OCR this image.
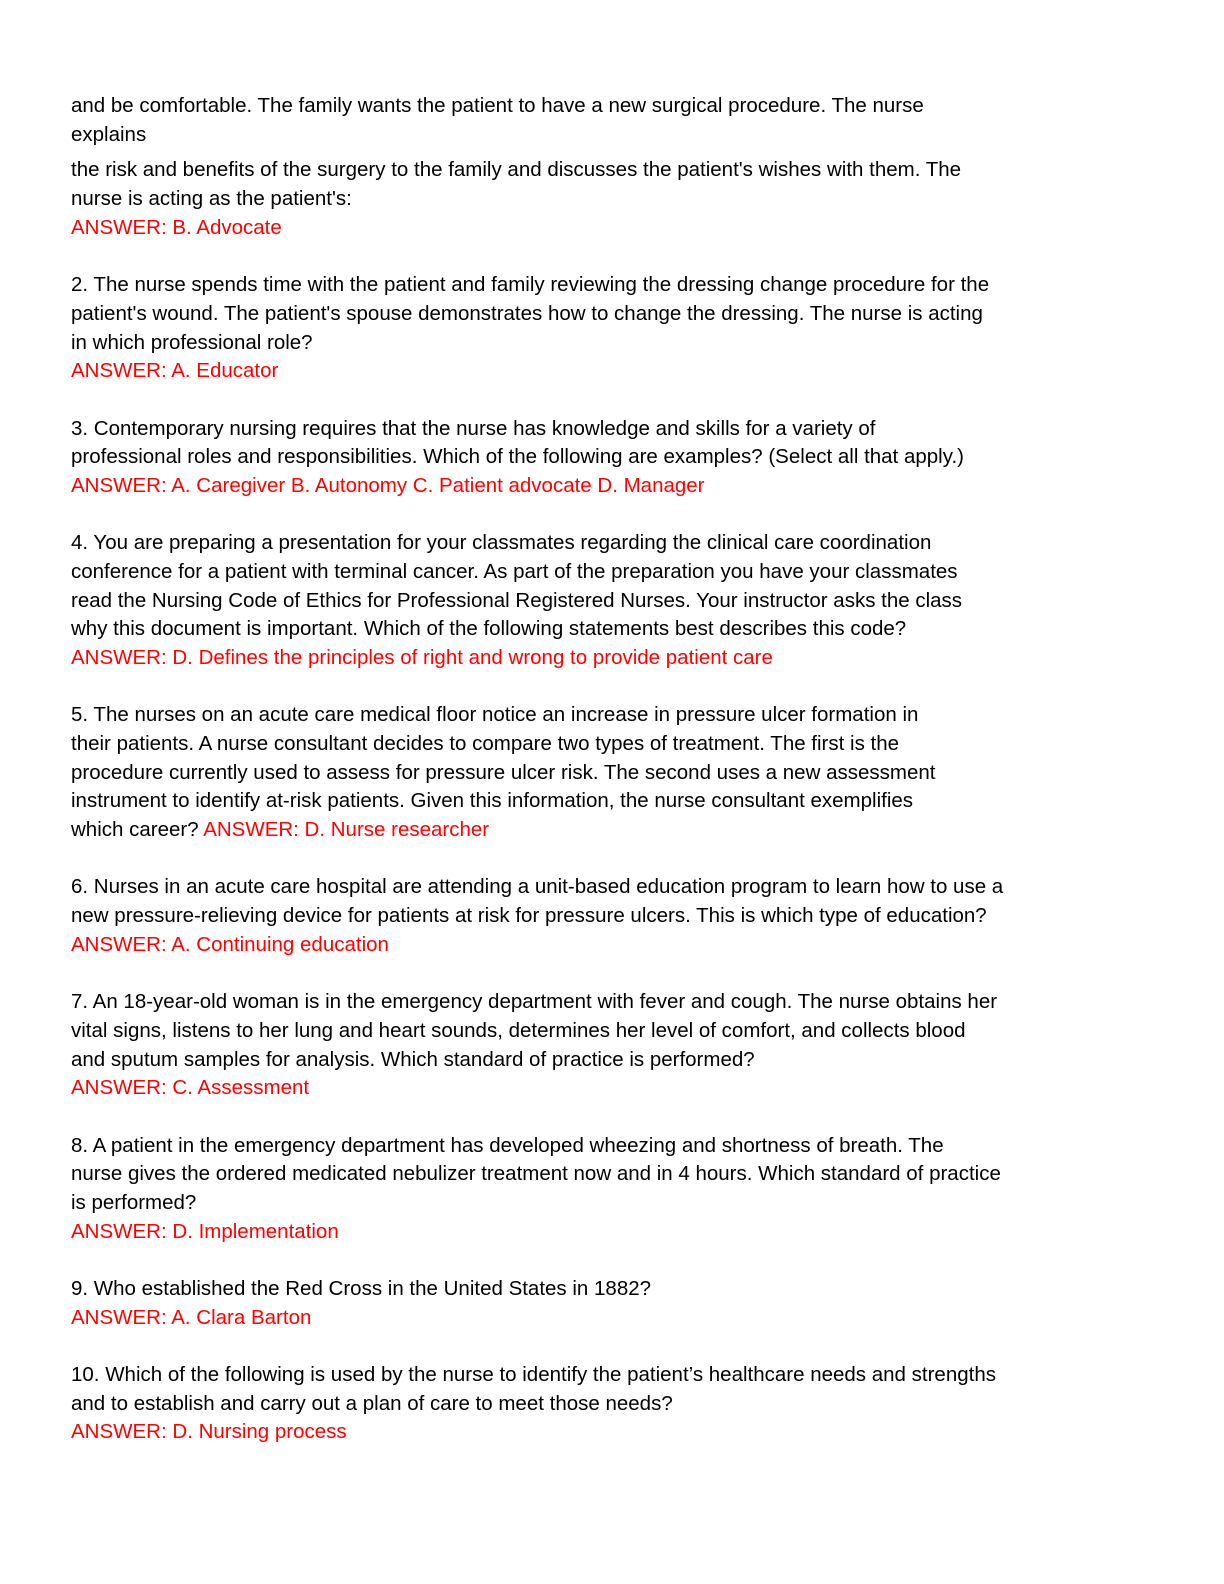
and be comfortable. The family wants the patient to have a new surgical procedure. The nurse
explains
the risk and benefits of the surgery to the family and discusses the patient's wishes with them. The
nurse is acting as the patient's:
ANSWER: B. Advocate
2. The nurse spends time with the patient and family reviewing the dressing change procedure for the
patient's wound. The patient's spouse demonstrates how to change the dressing. The nurse is acting
in which professional role?
ANSWER: A. Educator
3. Contemporary nursing requires that the nurse has knowledge and skills for a variety of
professional roles and responsibilities. Which of the following are examples? (Select all that apply.)
ANSWER: A. Caregiver B. Autonomy C. Patient advocate D. Manager
4. You are preparing a presentation for your classmates regarding the clinical care coordination
conference for a patient with terminal cancer. As part of the preparation you have your classmates
read the Nursing Code of Ethics for Professional Registered Nurses. Your instructor asks the class
why this document is important. Which of the following statements best describes this code?
ANSWER: D. Defines the principles of right and wrong to provide patient care
5. The nurses on an acute care medical floor notice an increase in pressure ulcer formation in
their patients. A nurse consultant decides to compare two types of treatment. The first is the
procedure currently used to assess for pressure ulcer risk. The second uses a new assessment
instrument to identify at-risk patients. Given this information, the nurse consultant exemplifies
which career? ANSWER: D. Nurse researcher
6. Nurses in an acute care hospital are attending a unit-based education program to learn how to use a
new pressure-relieving device for patients at risk for pressure ulcers. This is which type of education?
ANSWER: A. Continuing education
7. An 18-year-old woman is in the emergency department with fever and cough. The nurse obtains her
vital signs, listens to her lung and heart sounds, determines her level of comfort, and collects blood
and sputum samples for analysis. Which standard of practice is performed?
ANSWER: C. Assessment
8. A patient in the emergency department has developed wheezing and shortness of breath. The
nurse gives the ordered medicated nebulizer treatment now and in 4 hours. Which standard of practice
is performed?
ANSWER: D. Implementation
9. Who established the Red Cross in the United States in 1882?
ANSWER: A. Clara Barton
10. Which of the following is used by the nurse to identify the patient’s healthcare needs and strengths
and to establish and carry out a plan of care to meet those needs?
ANSWER: D. Nursing process
